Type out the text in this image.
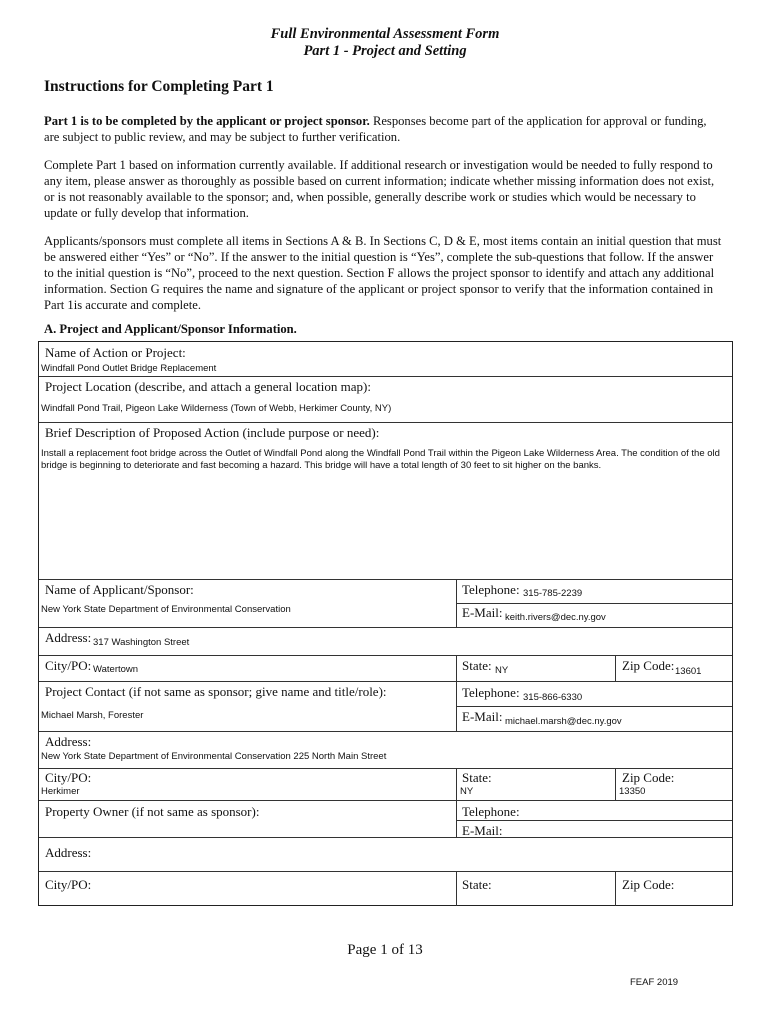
Full Environmental Assessment Form
Part 1 - Project and Setting
Instructions for Completing Part 1
Part 1 is to be completed by the applicant or project sponsor. Responses become part of the application for approval or funding, are subject to public review, and may be subject to further verification.
Complete Part 1 based on information currently available. If additional research or investigation would be needed to fully respond to any item, please answer as thoroughly as possible based on current information; indicate whether missing information does not exist, or is not reasonably available to the sponsor; and, when possible, generally describe work or studies which would be necessary to update or fully develop that information.
Applicants/sponsors must complete all items in Sections A & B. In Sections C, D & E, most items contain an initial question that must be answered either “Yes” or “No”. If the answer to the initial question is “Yes”, complete the sub-questions that follow. If the answer to the initial question is “No”, proceed to the next question. Section F allows the project sponsor to identify and attach any additional information. Section G requires the name and signature of the applicant or project sponsor to verify that the information contained in Part 1is accurate and complete.
A. Project and Applicant/Sponsor Information.
Name of Action or Project:
Windfall Pond Outlet Bridge Replacement
Project Location (describe, and attach a general location map):
Windfall Pond Trail, Pigeon Lake Wilderness (Town of Webb, Herkimer County, NY)
Brief Description of Proposed Action (include purpose or need):
Install a replacement foot bridge across the Outlet of Windfall Pond along the Windfall Pond Trail within the Pigeon Lake Wilderness Area. The condition of the old bridge is beginning to deteriorate and fast becoming a hazard. This bridge will have a total length of 30 feet to sit higher on the banks.
Name of Applicant/Sponsor:
New York State Department of Environmental Conservation
Telephone: 315-785-2239
E-Mail: keith.rivers@dec.ny.gov
Address: 317 Washington Street
City/PO: Watertown	State: NY	Zip Code: 13601
Project Contact (if not same as sponsor; give name and title/role):
Michael Marsh, Forester
Telephone: 315-866-6330
E-Mail: michael.marsh@dec.ny.gov
Address:
New York State Department of Environmental Conservation 225 North Main Street
City/PO:
Herkimer
State:
NY
Zip Code:
13350
Property Owner (if not same as sponsor):	Telephone:
E-Mail:
Address:
City/PO:	State:	Zip Code:
Page 1 of 13
FEAF 2019
